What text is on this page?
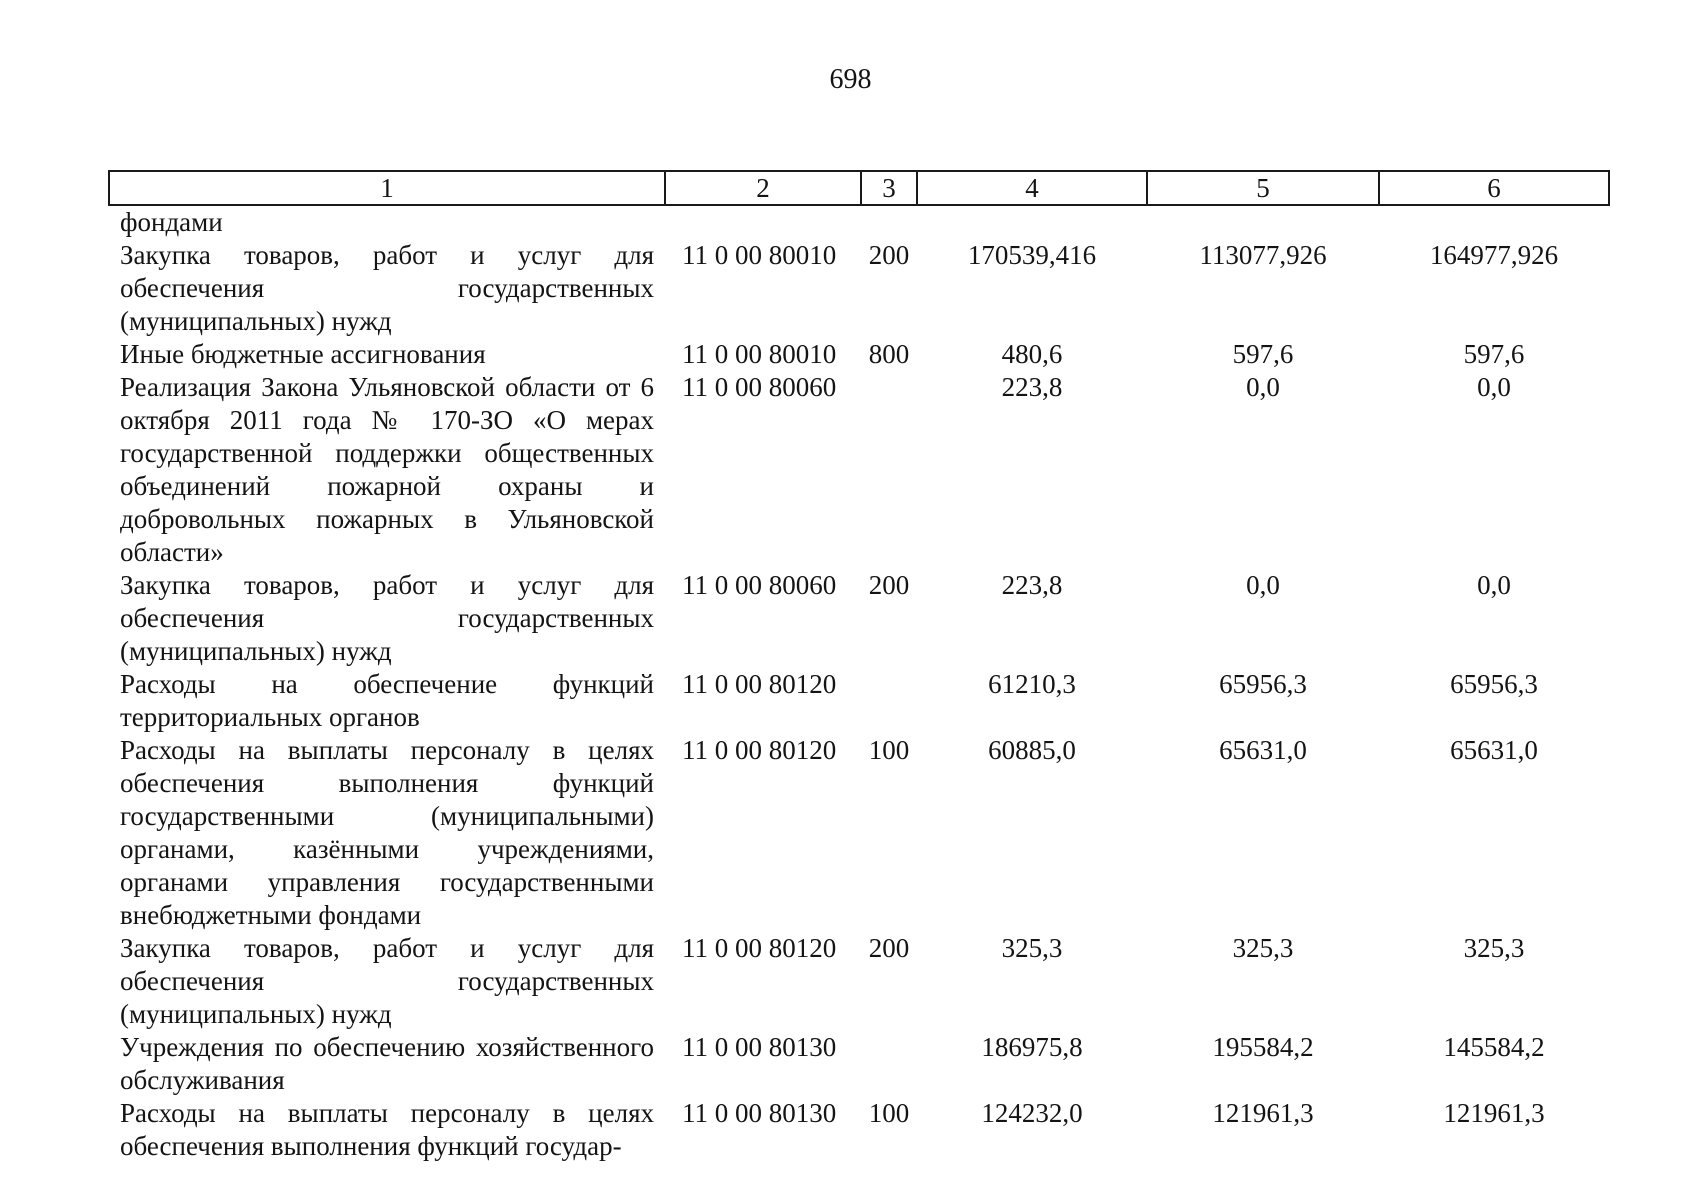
698
1	2	3	4	5	6
фондами					
Закупка товаров, работ и услуг для обеспечения государственных (муниципальных) нужд	11 0 00 80010	200	170539,416	113077,926	164977,926
Иные бюджетные ассигнования	11 0 00 80010	800	480,6	597,6	597,6
Реализация Закона Ульяновской области от 6 октября 2011 года № 170-ЗО «О мерах государственной поддержки общественных объединений пожарной охраны и добровольных пожарных в Ульяновской области»	11 0 00 80060		223,8	0,0	0,0
Закупка товаров, работ и услуг для обеспечения государственных (муниципальных) нужд	11 0 00 80060	200	223,8	0,0	0,0
Расходы на обеспечение функций территориальных органов	11 0 00 80120		61210,3	65956,3	65956,3
Расходы на выплаты персоналу в целях обеспечения выполнения функций государственными (муниципальными) органами, казёнными учреждениями, органами управления государственными внебюджетными фондами	11 0 00 80120	100	60885,0	65631,0	65631,0
Закупка товаров, работ и услуг для обеспечения государственных (муниципальных) нужд	11 0 00 80120	200	325,3	325,3	325,3
Учреждения по обеспечению хозяйственного обслуживания	11 0 00 80130		186975,8	195584,2	145584,2
Расходы на выплаты персоналу в целях обеспечения выполнения функций государ-	11 0 00 80130	100	124232,0	121961,3	121961,3
